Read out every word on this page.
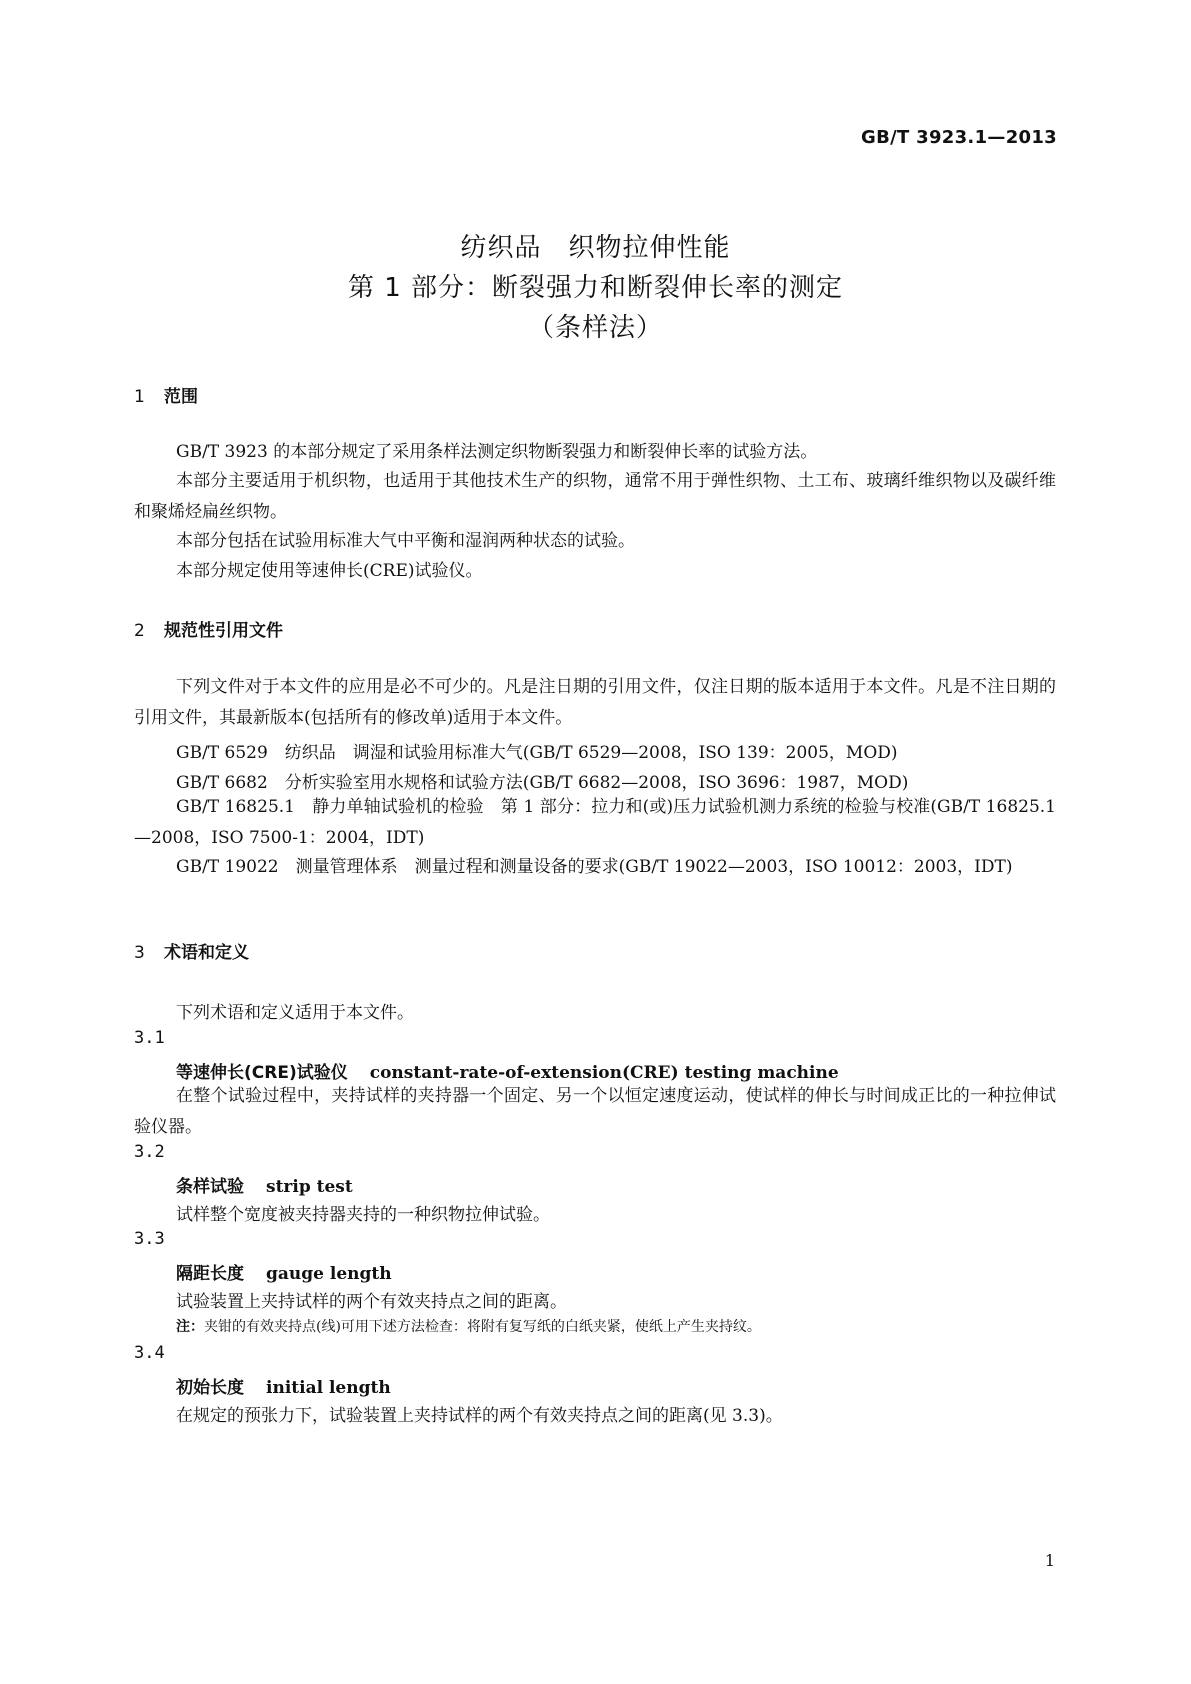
GB/T 3923.1—2013
纺织品　织物拉伸性能
第 1 部分：断裂强力和断裂伸长率的测定
（条样法）
1 范围
GB/T 3923 的本部分规定了采用条样法测定织物断裂强力和断裂伸长率的试验方法。
本部分主要适用于机织物，也适用于其他技术生产的织物，通常不用于弹性织物、土工布、玻璃纤维织物以及碳纤维和聚烯烃扁丝织物。
本部分包括在试验用标准大气中平衡和湿润两种状态的试验。
本部分规定使用等速伸长(CRE)试验仪。
2 规范性引用文件
下列文件对于本文件的应用是必不可少的。凡是注日期的引用文件，仅注日期的版本适用于本文件。凡是不注日期的引用文件，其最新版本(包括所有的修改单)适用于本文件。
GB/T 6529　纺织品　调湿和试验用标准大气(GB/T 6529—2008，ISO 139：2005，MOD)
GB/T 6682　分析实验室用水规格和试验方法(GB/T 6682—2008，ISO 3696：1987，MOD)
GB/T 16825.1　静力单轴试验机的检验　第 1 部分：拉力和(或)压力试验机测力系统的检验与校准(GB/T 16825.1—2008，ISO 7500-1：2004，IDT)
GB/T 19022　测量管理体系　测量过程和测量设备的要求(GB/T 19022—2003，ISO 10012：2003，IDT)
3 术语和定义
下列术语和定义适用于本文件。
3.1
等速伸长(CRE)试验仪 constant-rate-of-extension(CRE) testing machine
在整个试验过程中，夹持试样的夹持器一个固定、另一个以恒定速度运动，使试样的伸长与时间成正比的一种拉伸试验仪器。
3.2
条样试验 strip test
试样整个宽度被夹持器夹持的一种织物拉伸试验。
3.3
隔距长度 gauge length
试验装置上夹持试样的两个有效夹持点之间的距离。
注：夹钳的有效夹持点(线)可用下述方法检查：将附有复写纸的白纸夹紧，使纸上产生夹持纹。
3.4
初始长度 initial length
在规定的预张力下，试验装置上夹持试样的两个有效夹持点之间的距离(见 3.3)。
1
